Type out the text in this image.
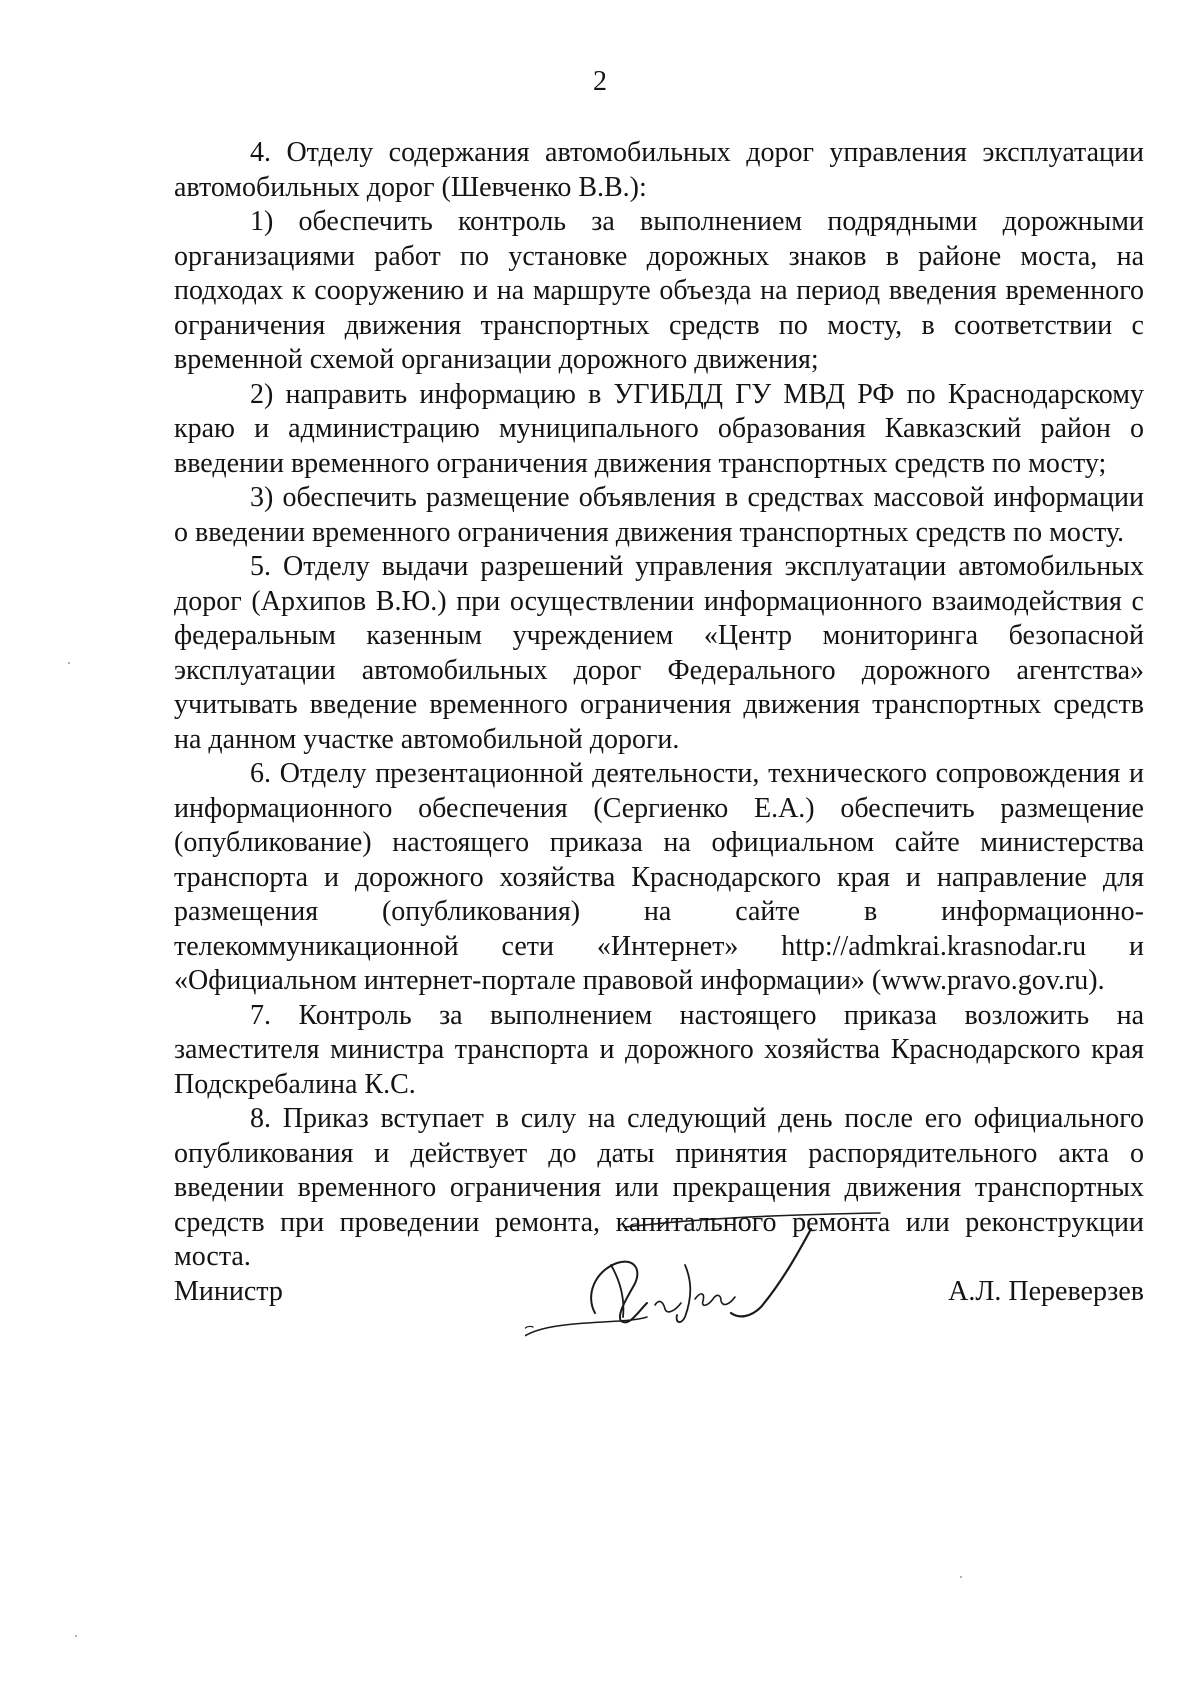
2

4. Отделу содержания автомобильных дорог управления эксплуатации автомобильных дорог (Шевченко В.В.):

1) обеспечить контроль за выполнением подрядными дорожными организациями работ по установке дорожных знаков в районе моста, на подходах к сооружению и на маршруте объезда на период введения временного ограничения движения транспортных средств по мосту, в соответствии с временной схемой организации дорожного движения;

2) направить информацию в УГИБДД ГУ МВД РФ по Краснодарскому краю и администрацию муниципального образования Кавказский район о введении временного ограничения движения транспортных средств по мосту;

3) обеспечить размещение объявления в средствах массовой информации о введении временного ограничения движения транспортных средств по мосту.

5. Отделу выдачи разрешений управления эксплуатации автомобильных дорог (Архипов В.Ю.) при осуществлении информационного взаимодействия с федеральным казенным учреждением «Центр мониторинга безопасной эксплуатации автомобильных дорог Федерального дорожного агентства» учитывать введение временного ограничения движения транспортных средств на данном участке автомобильной дороги.

6. Отделу презентационной деятельности, технического сопровождения и информационного обеспечения (Сергиенко Е.А.) обеспечить размещение (опубликование) настоящего приказа на официальном сайте министерства транспорта и дорожного хозяйства Краснодарского края и направление для размещения (опубликования) на сайте в информационно-телекоммуникационной сети «Интернет» http://admkrai.krasnodar.ru и «Официальном интернет-портале правовой информации» (www.pravo.gov.ru).

7. Контроль за выполнением настоящего приказа возложить на заместителя министра транспорта и дорожного хозяйства Краснодарского края Подскребалина К.С.

8. Приказ вступает в силу на следующий день после его официального опубликования и действует до даты принятия распорядительного акта о введении временного ограничения или прекращения движения транспортных средств при проведении ремонта, капитального ремонта или реконструкции моста.

Министр	А.Л. Переверзев
